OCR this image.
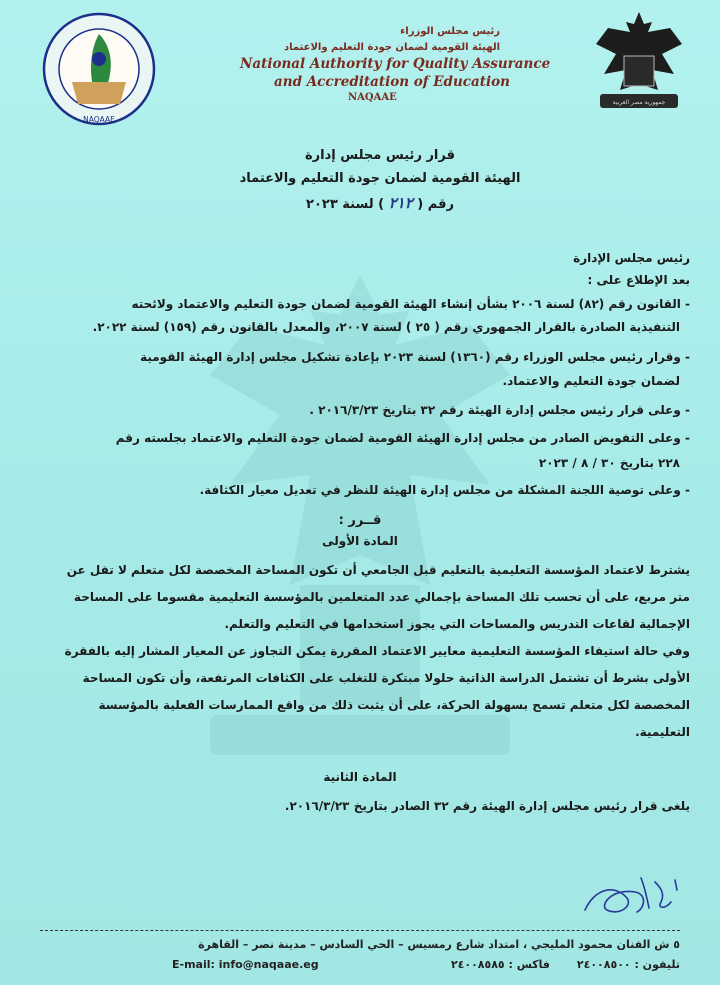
NAQAAE
جمهورية مصر العربية
رئيس مجلس الوزراء
الهيئة القومية لضمان جودة التعليم والاعتماد
National Authority for Quality Assurance
and Accreditation of Education
NAQAAE
قرار رئيس مجلس إدارة
الهيئة القومية لضمان جودة التعليم والاعتماد
رقم ( ٢١٢ ) لسنة ٢٠٢٣
رئيس مجلس الإدارة
بعد الإطلاع على :
- القانون رقم (٨٢) لسنة ٢٠٠٦ بشأن إنشاء الهيئة القومية لضمان جودة التعليم والاعتماد ولائحته
التنفيذية الصادرة بالقرار الجمهوري رقم ( ٢٥ ) لسنة ٢٠٠٧، والمعدل بالقانون رقم (١٥٩) لسنة ٢٠٢٢.
- وقرار رئيس مجلس الوزراء رقم (١٣٦٠) لسنة ٢٠٢٣ بإعادة تشكيل مجلس إدارة الهيئة القومية
لضمان جودة التعليم والاعتماد.
- وعلى قرار رئيس مجلس إدارة الهيئة رقم ٣٢ بتاريخ ٢٠١٦/٣/٢٣ .
- وعلى التفويض الصادر من مجلس إدارة الهيئة القومية لضمان جودة التعليم والاعتماد بجلسته رقم
٢٢٨ بتاريخ ٣٠ / ٨ / ٢٠٢٣
- وعلى توصية اللجنة المشكلة من مجلس إدارة الهيئة للنظر في تعديل معيار الكثافة.
قــرر :
المادة الأولى
يشترط لاعتماد المؤسسة التعليمية بالتعليم قبل الجامعي أن تكون المساحة المخصصة لكل متعلم لا تقل عن
متر مربع، على أن تحسب تلك المساحة بإجمالي عدد المتعلمين بالمؤسسة التعليمية مقسوما على المساحة
الإجمالية لقاعات التدريس والمساحات التي يجوز استخدامها في التعليم والتعلم.
وفي حالة استيفاء المؤسسة التعليمية معايير الاعتماد المقررة يمكن التجاوز عن المعيار المشار إليه بالفقرة
الأولى بشرط أن تشتمل الدراسة الذاتية حلولا مبتكرة للتغلب على الكثافات المرتفعة، وأن تكون المساحة
المخصصة لكل متعلم تسمح بسهولة الحركة، على أن يثبت ذلك من واقع الممارسات الفعلية بالمؤسسة
التعليمية.
المادة الثانية
يلغى قرار رئيس مجلس إدارة الهيئة رقم ٣٢ الصادر بتاريخ ٢٠١٦/٣/٢٣.
٥ ش الفنان محمود المليجي ، امتداد شارع رمسيس – الحي السادس – مدينة نصر – القاهرة
تليفون : ٢٤٠٠٨٥٠٠
فاكس : ٢٤٠٠٨٥٨٥
E-mail: info@naqaae.eg
